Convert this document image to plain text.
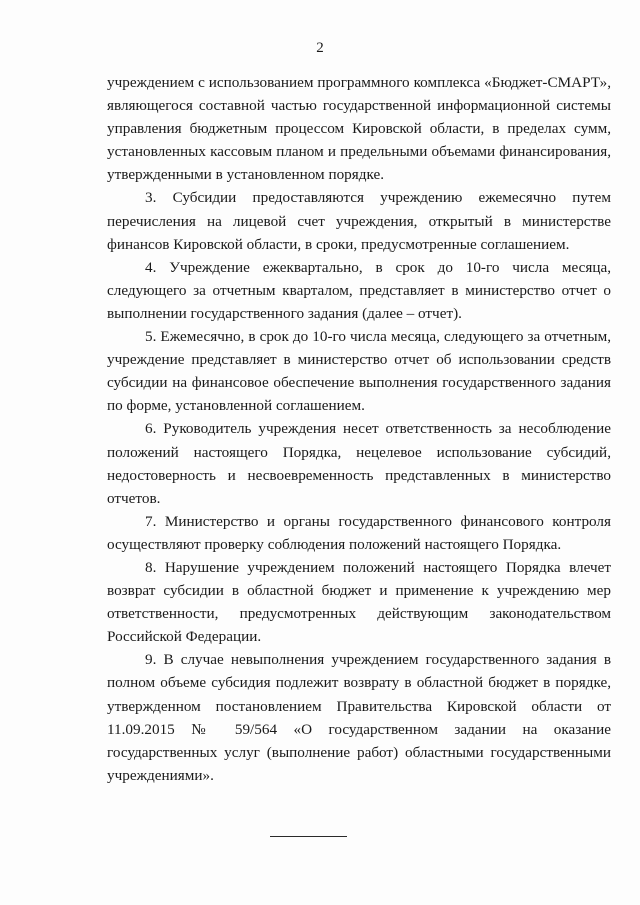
2

учреждением с использованием программного комплекса «Бюджет-СМАРТ», являющегося составной частью государственной информационной системы управления бюджетным процессом Кировской области, в пределах сумм, установленных кассовым планом и предельными объемами финансирования, утвержденными в установленном порядке.

3. Субсидии предоставляются учреждению ежемесячно путем перечисления на лицевой счет учреждения, открытый в министерстве финансов Кировской области, в сроки, предусмотренные соглашением.

4. Учреждение ежеквартально, в срок до 10-го числа месяца, следующего за отчетным кварталом, представляет в министерство отчет о выполнении государственного задания (далее – отчет).

5. Ежемесячно, в срок до 10-го числа месяца, следующего за отчетным, учреждение представляет в министерство отчет об использовании средств субсидии на финансовое обеспечение выполнения государственного задания по форме, установленной соглашением.

6. Руководитель учреждения несет ответственность за несоблюдение положений настоящего Порядка, нецелевое использование субсидий, недостоверность и несвоевременность представленных в министерство отчетов.

7. Министерство и органы государственного финансового контроля осуществляют проверку соблюдения положений настоящего Порядка.

8. Нарушение учреждением положений настоящего Порядка влечет возврат субсидии в областной бюджет и применение к учреждению мер ответственности, предусмотренных действующим законодательством Российской Федерации.

9. В случае невыполнения учреждением государственного задания в полном объеме субсидия подлежит возврату в областной бюджет в порядке, утвержденном постановлением Правительства Кировской области от 11.09.2015 № 59/564 «О государственном задании на оказание государственных услуг (выполнение работ) областными государственными учреждениями».
